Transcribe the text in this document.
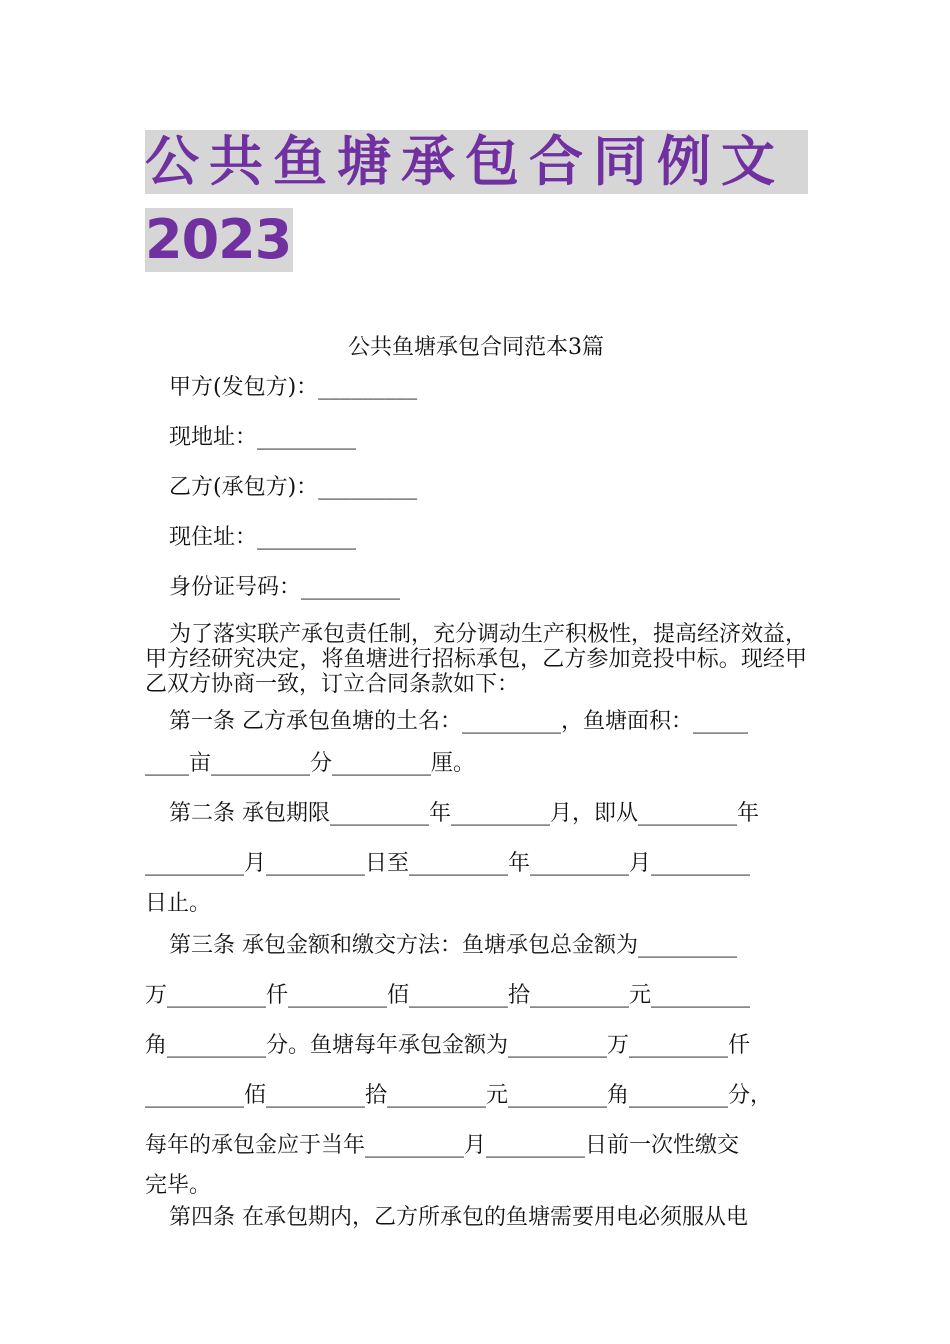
公共鱼塘承包合同例文
2023
公共鱼塘承包合同范本3篇

甲方(发包方)：_________

现地址：_________

乙方(承包方)：_________

现住址：_________

身份证号码：_________

为了落实联产承包责任制，充分调动生产积极性，提高经济效益，甲方经研究决定，将鱼塘进行招标承包，乙方参加竞投中标。现经甲乙双方协商一致，订立合同条款如下：

第一条 乙方承包鱼塘的土名：_________，鱼塘面积：_____

____亩_________分_________厘。

第二条 承包期限_________年_________月，即从_________年

_________月_________日至_________年_________月_________

日止。

第三条 承包金额和缴交方法：鱼塘承包总金额为_________

万_________仟_________佰_________拾_________元_________

角_________分。鱼塘每年承包金额为_________万_________仟

_________佰_________拾_________元_________角_________分，

每年的承包金应于当年_________月_________日前一次性缴交

完毕。

第四条 在承包期内，乙方所承包的鱼塘需要用电必须服从电
